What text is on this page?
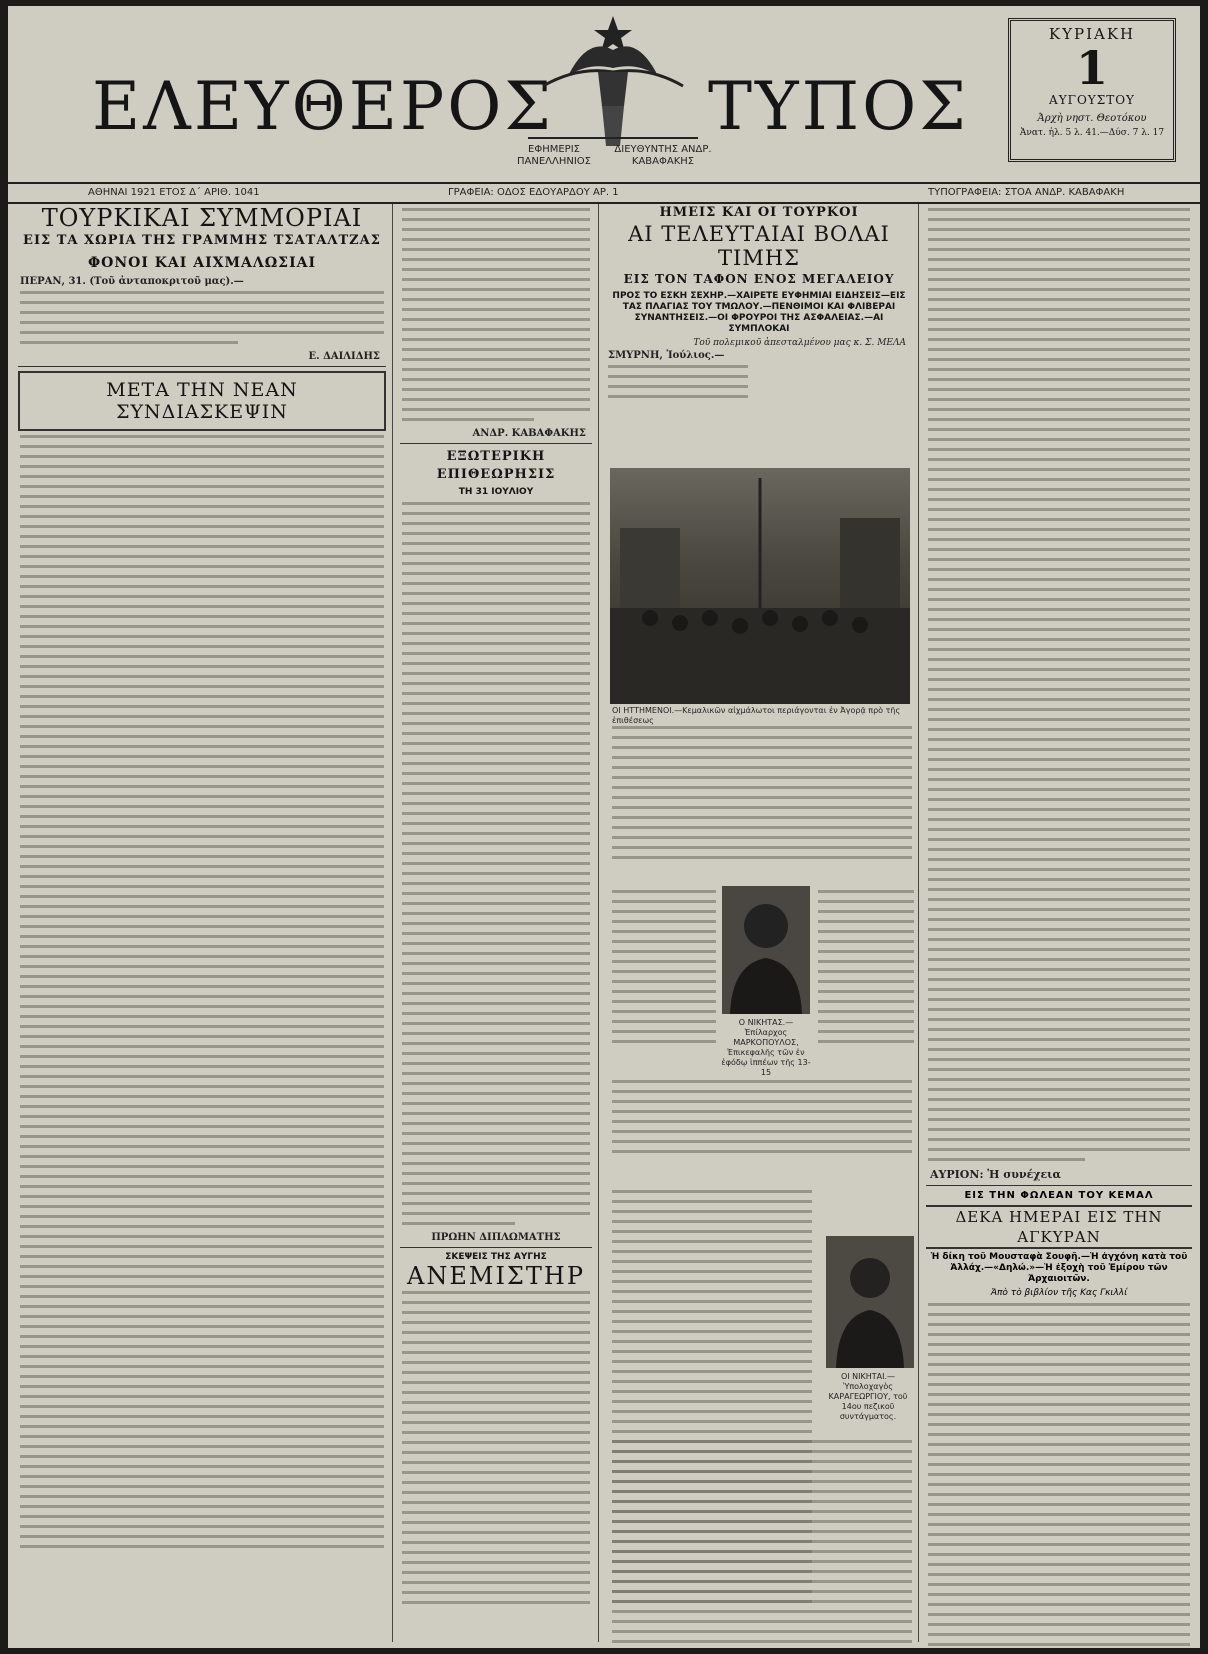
ΕΛΕΥΘΕΡΟΣ ΤΥΠΟΣ
ΕΦΗΜΕΡΙΣ ΠΑΝΕΛΛΗΝΙΟΣ
ΔΙΕΥΘΥΝΤΗΣ ΑΝΔΡ. ΚΑΒΑΦΑΚΗΣ
ΚΥΡΙΑΚΗ
1
ΑΥΓΟΥΣΤΟΥ
Ἀρχὴ νηστ. Θεοτόκου
Ἀνατ. ἡλ. 5 λ. 41.—Δύσ. 7 λ. 17
ΑΘΗΝΑΙ 1921 ΕΤΟΣ Δ΄ ΑΡΙΘ. 1041	ΓΡΑΦΕΙΑ: ΟΔΟΣ ΕΔΟΥΑΡΔΟΥ ΑΡ. 1	ΤΥΠΟΓΡΑΦΕΙΑ: ΣΤΟΑ ΑΝΔΡ. ΚΑΒΑΦΑΚΗ
ΤΟΥΡΚΙΚΑΙ ΣΥΜΜΟΡΙΑΙ
ΕΙΣ ΤΑ ΧΩΡΙΑ ΤΗΣ ΓΡΑΜΜΗΣ ΤΣΑΤΑΛΤΖΑΣ
ΦΟΝΟΙ ΚΑΙ ΑΙΧΜΑΛΩΣΙΑΙ
ΠΕΡΑΝ, 31. (Τοῦ ἀνταποκριτοῦ μας).—
Ε. ΔΑΙΛΙΔΗΣ
ΜΕΤΑ ΤΗΝ ΝΕΑΝ ΣΥΝΔΙΑΣΚΕΨΙΝ
ΑΝΔΡ. ΚΑΒΑΦΑΚΗΣ
ΕΞΩΤΕΡΙΚΗ ΕΠΙΘΕΩΡΗΣΙΣ
ΤΗ 31 ΙΟΥΛΙΟΥ
ΠΡΩΗΝ ΔΙΠΛΩΜΑΤΗΣ
ΣΚΕΨΕΙΣ ΤΗΣ ΑΥΓΗΣ
ΑΝΕΜΙΣΤΗΡ
ΗΜΕΙΣ ΚΑΙ ΟΙ ΤΟΥΡΚΟΙ
ΑΙ ΤΕΛΕΥΤΑΙΑΙ ΒΟΛΑΙ ΤΙΜΗΣ
ΕΙΣ ΤΟΝ ΤΑΦΟΝ ΕΝΟΣ ΜΕΓΑΛΕΙΟΥ
ΠΡΟΣ ΤΟ ΕΣΚΗ ΣΕΧΗΡ.—ΧΑΙΡΕΤΕ ΕΥΦΗΜΙΑΙ ΕΙΔΗΣΕΙΣ—ΕΙΣ ΤΑΣ ΠΛΑΓΙΑΣ ΤΟΥ ΤΜΩΛΟΥ.—ΠΕΝΘΙΜΟΙ ΚΑΙ ΦΛΙΒΕΡΑΙ ΣΥΝΑΝΤΗΣΕΙΣ.—ΟΙ ΦΡΟΥΡΟΙ ΤΗΣ ΑΣΦΑΛΕΙΑΣ.—ΑΙ ΣΥΜΠΛΟΚΑΙ
Τοῦ πολεμικοῦ ἀπεσταλμένου μας κ. Σ. ΜΕΛΑ
ΣΜΥΡΝΗ, Ἰούλιος.—
ΟΙ ΗΤΤΗΜΕΝΟΙ.—Κεμαλικῶν αἰχμάλωτοι περιάγονται ἐν Ἀγορᾷ πρὸ τῆς ἐπιθέσεως
Ο ΝΙΚΗΤΑΣ.—Ἐπίλαρχος ΜΑΡΚΟΠΟΥΛΟΣ, Ἐπικεφαλῆς τῶν ἐν ἐφόδῳ ἱππέων τῆς 13-15
ΟΙ ΝΙΚΗΤΑΙ.—Ὑπολοχαγὸς ΚΑΡΑΓΕΩΡΓΙΟΥ, τοῦ 14ου πεζικοῦ συντάγματος.
ΑΥΡΙΟΝ: Ἡ συνέχεια
ΕΙΣ ΤΗΝ ΦΩΛΕΑΝ ΤΟΥ ΚΕΜΑΛ
ΔΕΚΑ ΗΜΕΡΑΙ ΕΙΣ ΤΗΝ ΑΓΚΥΡΑΝ
Ἡ δίκη τοῦ Μουσταφὰ Σουφῆ.—Ἡ ἀγχόνη κατὰ τοῦ Ἀλλάχ.—«Δηλώ.»—Ἡ ἐξοχὴ τοῦ Ἐμίρου τῶν Ἀρχαιοιτῶν.
Ἀπὸ τὸ βιβλίον τῆς Κας Γκιλλί
